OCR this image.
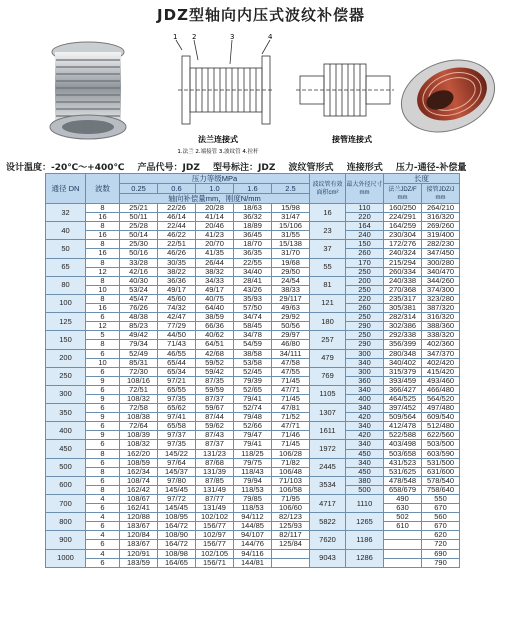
JDZ型轴向内压式波纹补偿器
1 2	3	4
法兰连接式	接管连接式
1.法兰 2.端接管 3.波纹管 4.拉杆
设计温度：-20℃～+400℃ 产品代号：JDZ 型号标注：JDZ 波纹管形式 连接形式 压力-通径-补偿量
通径 DN	波数	压力等级MPa					波纹管有效面积cm²	最大外径尺寸mm	长度	
		0.25	0.6	1.0	1.6	2.5			法兰JDZ/F mm	接管JDZ/J mm
		轴向补偿量mm，刚度N/mm								
32	8	25/21	22/26	20/28	18/63	15/98	16	110	160/250	264/210
	16	50/11	46/14	41/14	36/32	31/47		220	224/291	316/320
40	8	25/28	22/44	20/46	18/89	15/106	23	164	164/259	269/260
	16	50/14	46/22	41/23	36/45	31/55		240	230/304	319/400
50	8	25/30	22/51	20/70	18/70	15/138	37	150	172/276	282/230
	16	50/16	46/26	41/35	36/35	31/70		260	240/324	347/450
65	8	33/28	30/35	26/44	22/55	19/68	55	170	215/294	300/280
	12	42/16	38/22	38/32	34/40	29/50		250	260/334	340/470
80	8	40/30	36/36	34/33	28/41	24/54	81	200	240/338	344/260
	10	53/24	49/17	49/17	43/26	38/33		250	270/368	374/300
100	8	45/47	45/60	40/75	35/93	29/117	121	220	235/317	323/280
	16	76/26	74/32	64/40	57/50	49/63		260	305/381	387/320
125	6	48/38	42/47	38/59	34/74	29/92	180	250	282/314	316/320
	12	85/23	77/29	66/36	58/45	50/56		290	302/386	388/360
150	5	49/42	44/50	40/62	34/78	29/97	257	250	292/338	338/320
	8	79/34	71/43	64/51	54/59	46/80		290	356/399	402/360
200	6	52/49	46/55	42/68	38/58	34/111	479	300	280/348	347/370
	10	85/31	65/44	59/52	53/58	47/58		340	340/402	402/420
250	6	72/30	65/34	59/42	52/45	47/55	769	300	315/379	415/420
	9	108/16	97/21	87/35	79/39	71/45		360	393/459	493/460
300	6	72/51	65/55	59/59	52/65	47/71	1105	340	366/427	466/480
	9	108/32	97/35	87/37	79/41	71/45		400	464/525	564/520
350	6	72/58	65/62	59/67	52/74	47/81	1307	340	397/452	497/480
	9	108/38	97/41	87/44	79/48	71/52		420	509/564	609/540
400	6	72/64	65/58	59/62	52/66	47/71	1611	340	412/478	512/480
	9	108/39	97/37	87/43	79/47	71/46		420	522/588	622/560
450	6	108/32	97/35	87/37	79/41	71/45	1972	340	403/498	503/500
	8	162/20	145/22	131/23	118/25	106/28		450	503/658	603/590
500	6	108/59	97/64	87/68	79/75	71/82	2445	340	431/523	531/500
	8	162/34	145/37	131/39	118/43	106/48		450	531/625	631/600
600	6	108/74	97/80	87/85	79/94	71/103	3534	380	478/548	578/540
	8	162/42	145/45	131/49	118/53	106/58		500	658/679	758/640
700	4	108/67	97/72	87/77	79/85	71/95	4717	1110	490	550
	6	162/41	145/45	131/49	118/53	106/60			630	670
800	4	120/88	108/95	102/102	94/112	82/123	5822	1265	502	560
	6	183/67	164/72	156/77	144/85	125/93			610	670
900	4	120/84	108/90	102/97	94/107	82/117	7620	1186		620
	6	183/67	164/72	156/77	144/76	125/84				720
1000	4	120/91	108/98	102/105	94/116		9043	1286		690
	6	183/59	164/65	156/71	144/81					790
